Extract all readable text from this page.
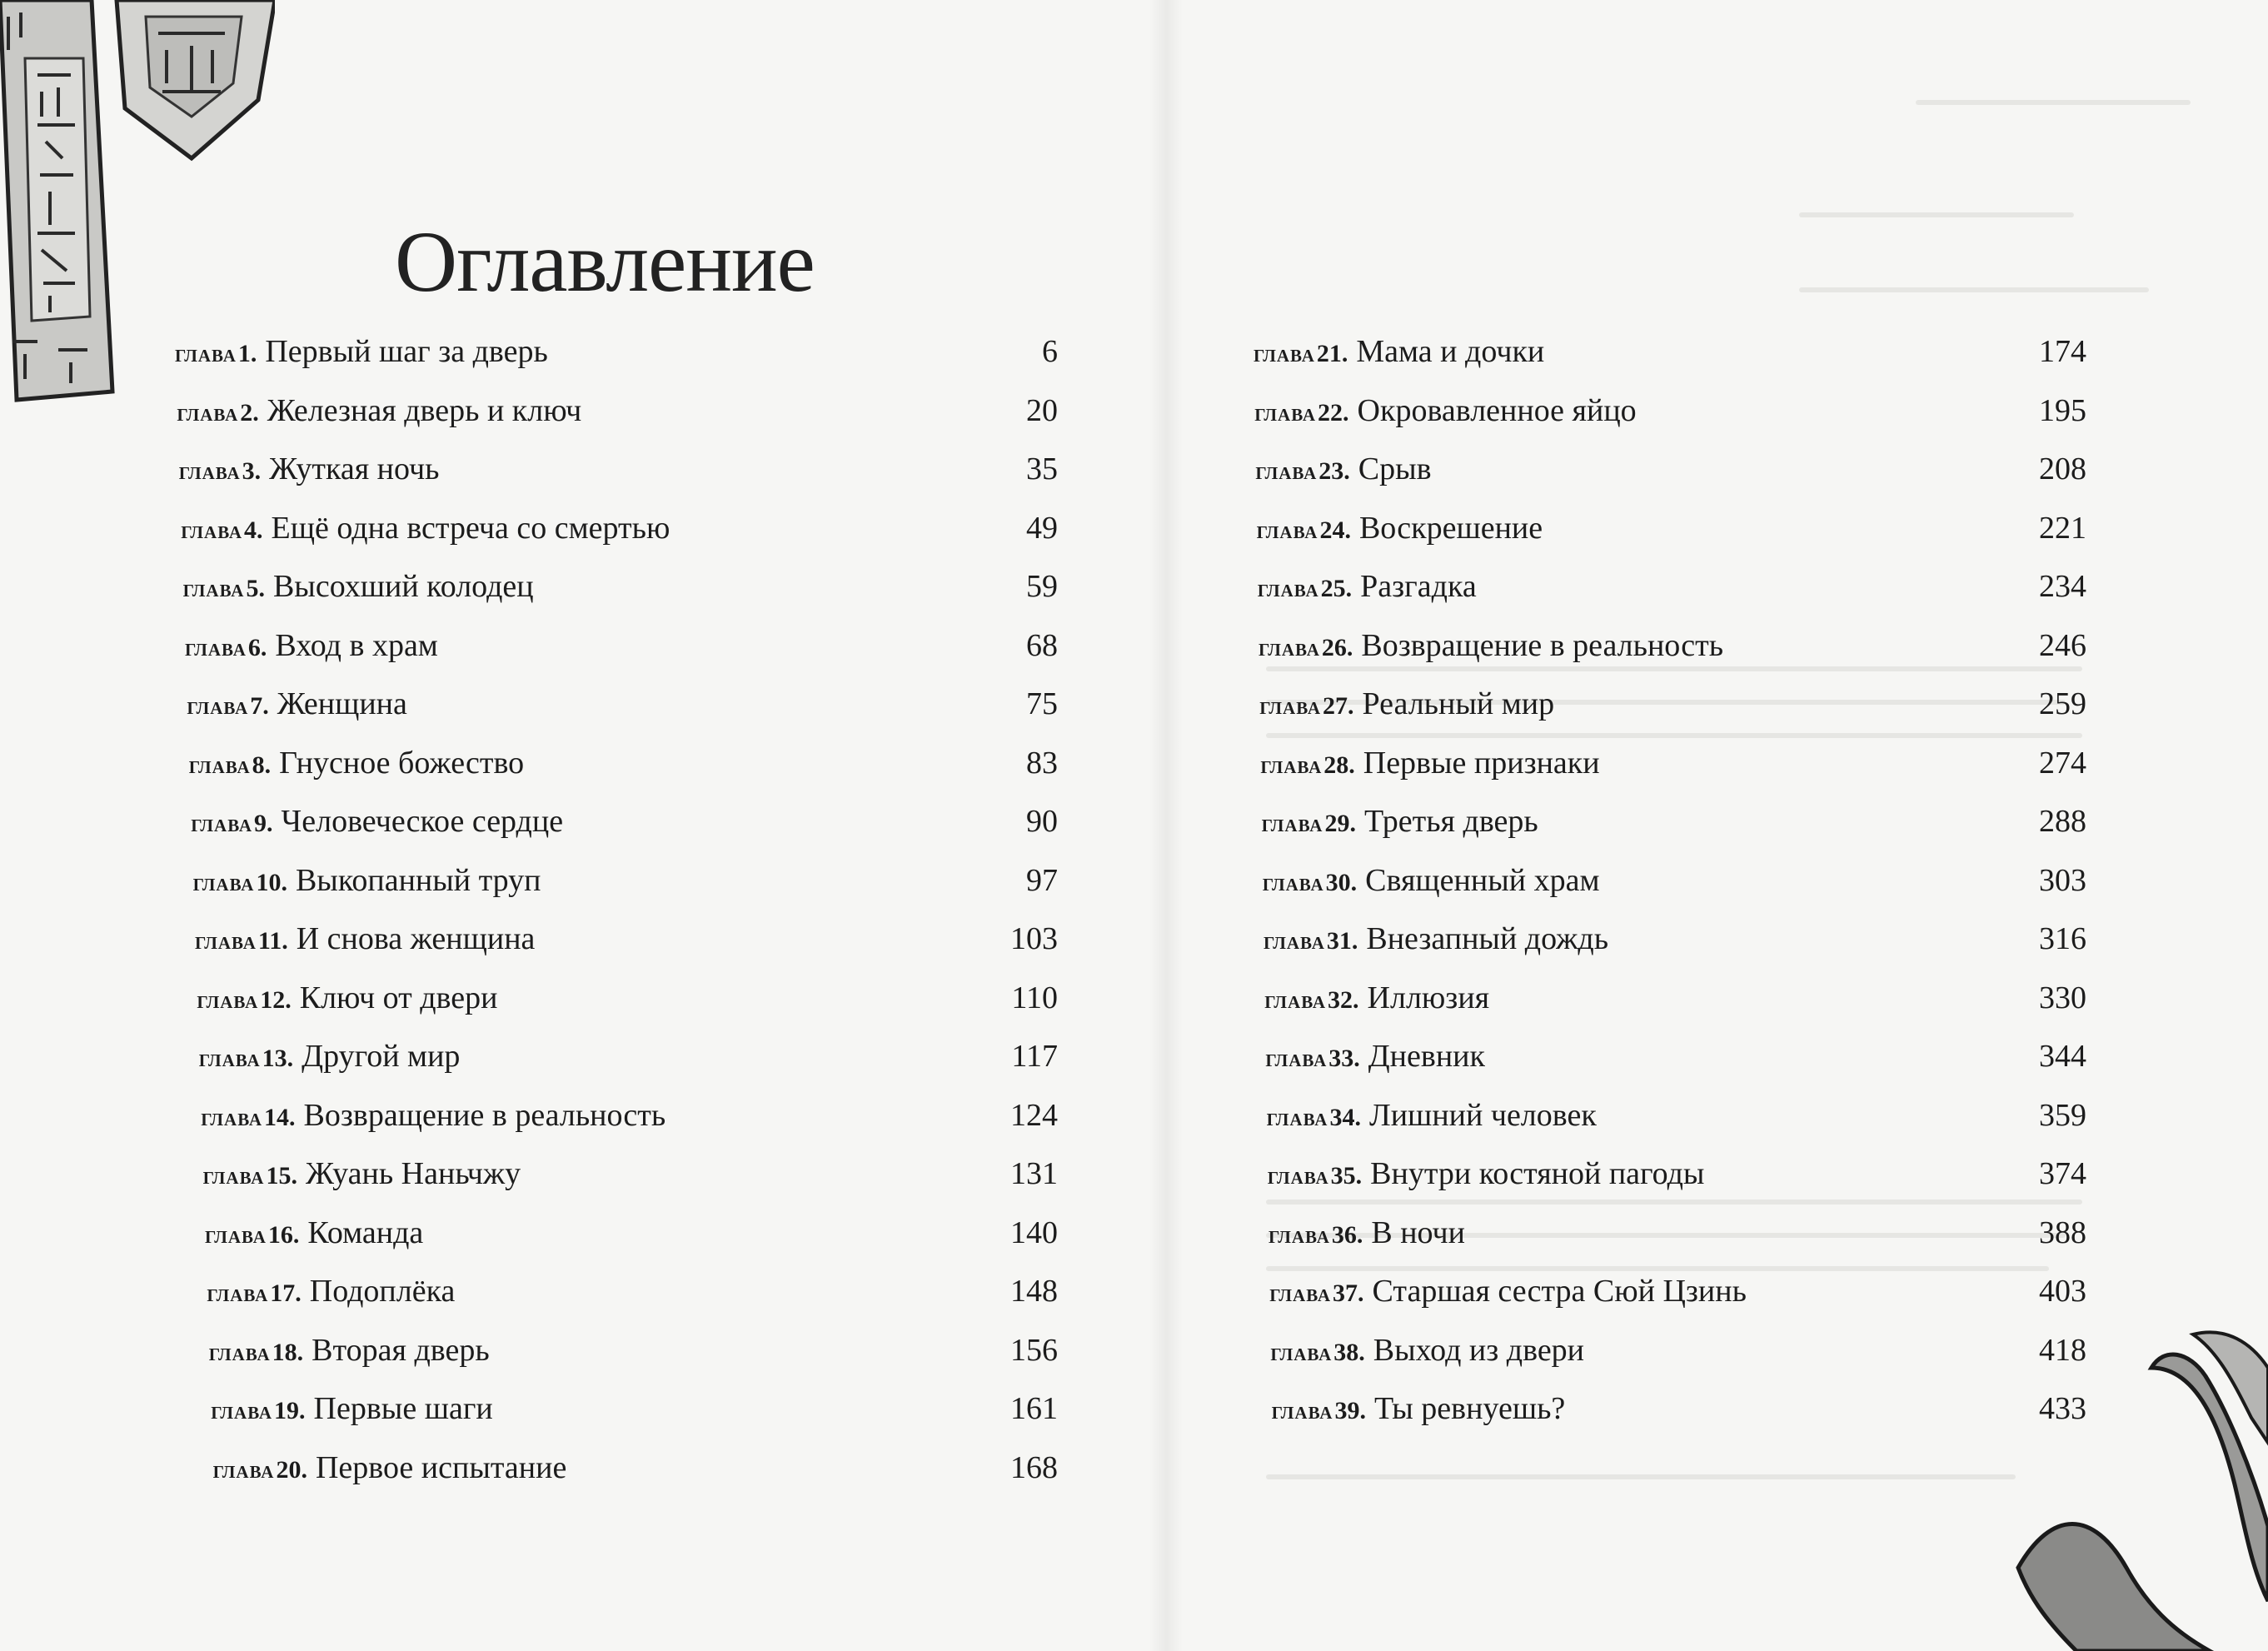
Оглавление
глава 1. Первый шаг за дверь	6
глава 2. Железная дверь и ключ	20
глава 3. Жуткая ночь	35
глава 4. Ещё одна встреча со смертью	49
глава 5. Высохший колодец	59
глава 6. Вход в храм	68
глава 7. Женщина	75
глава 8. Гнусное божество	83
глава 9. Человеческое сердце	90
глава 10. Выкопанный труп	97
глава 11. И снова женщина	103
глава 12. Ключ от двери	110
глава 13. Другой мир	117
глава 14. Возвращение в реальность	124
глава 15. Жуань Наньчжу	131
глава 16. Команда	140
глава 17. Подоплёка	148
глава 18. Вторая дверь	156
глава 19. Первые шаги	161
глава 20. Первое испытание	168
глава 21. Мама и дочки	174
глава 22. Окровавленное яйцо	195
глава 23. Срыв	208
глава 24. Воскрешение	221
глава 25. Разгадка	234
глава 26. Возвращение в реальность	246
глава 27. Реальный мир	259
глава 28. Первые признаки	274
глава 29. Третья дверь	288
глава 30. Священный храм	303
глава 31. Внезапный дождь	316
глава 32. Иллюзия	330
глава 33. Дневник	344
глава 34. Лишний человек	359
глава 35. Внутри костяной пагоды	374
глава 36. В ночи	388
глава 37. Старшая сестра Сюй Цзинь	403
глава 38. Выход из двери	418
глава 39. Ты ревнуешь?	433
